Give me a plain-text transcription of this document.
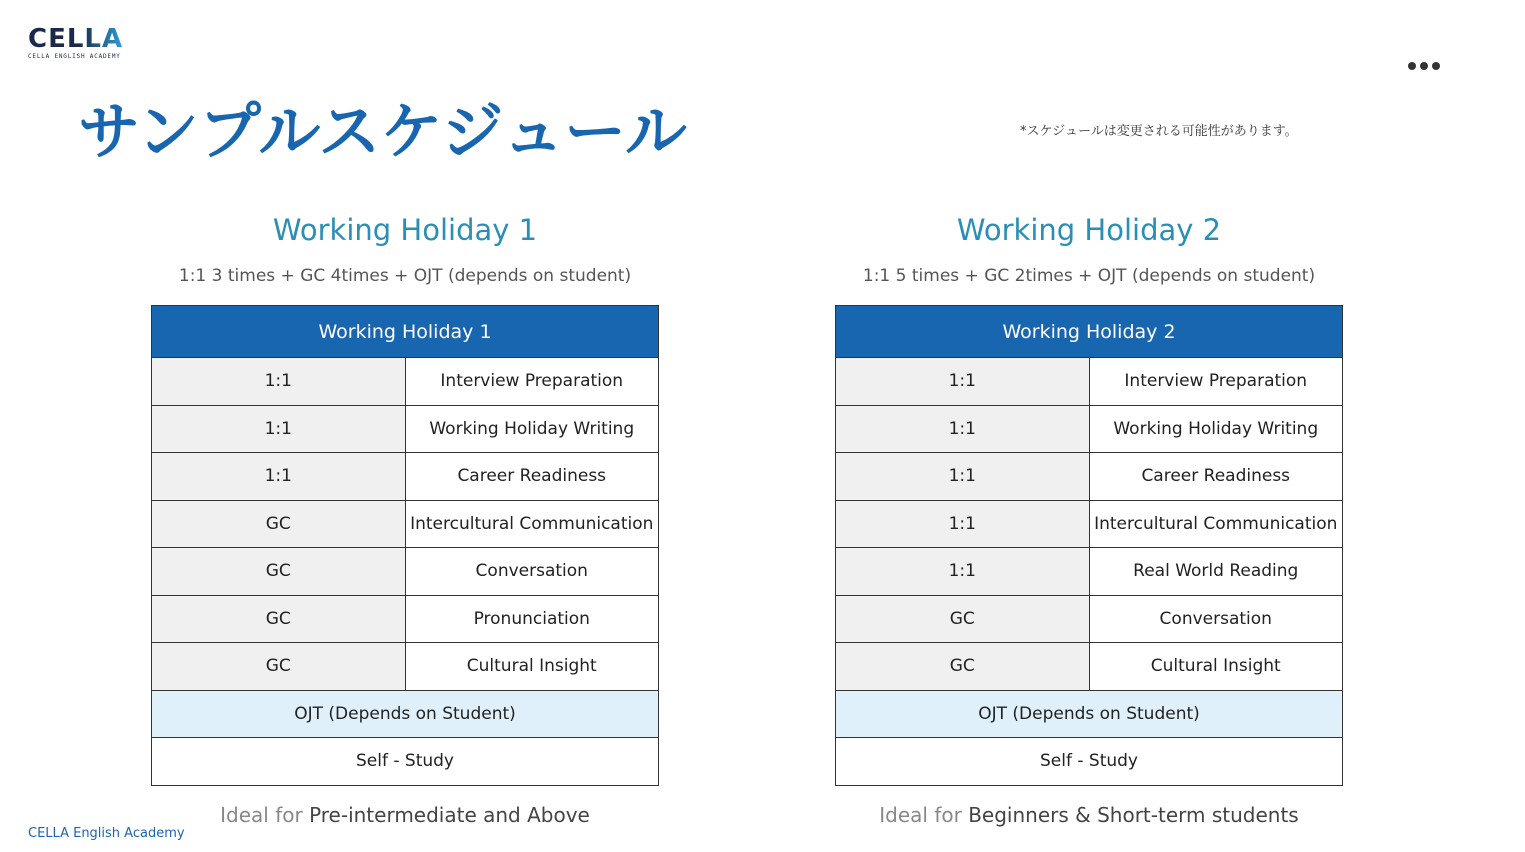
CELLA
CELLA ENGLISH ACADEMY
サンプルスケジュール	*スケジュールは変更される可能性があります。
Working Holiday 1
1:1 3 times + GC 4times + OJT (depends on student)
Working Holiday 1	
1:1	Interview Preparation
1:1	Working Holiday Writing
1:1	Career Readiness
GC	Intercultural Communication
GC	Conversation
GC	Pronunciation
GC	Cultural Insight
OJT (Depends on Student)	
Self - Study	
Ideal for Pre-intermediate and Above
Working Holiday 2
1:1 5 times + GC 2times + OJT (depends on student)
Working Holiday 2	
1:1	Interview Preparation
1:1	Working Holiday Writing
1:1	Career Readiness
1:1	Intercultural Communication
1:1	Real World Reading
GC	Conversation
GC	Cultural Insight
OJT (Depends on Student)	
Self - Study	
Ideal for Beginners & Short-term students
CELLA English Academy
